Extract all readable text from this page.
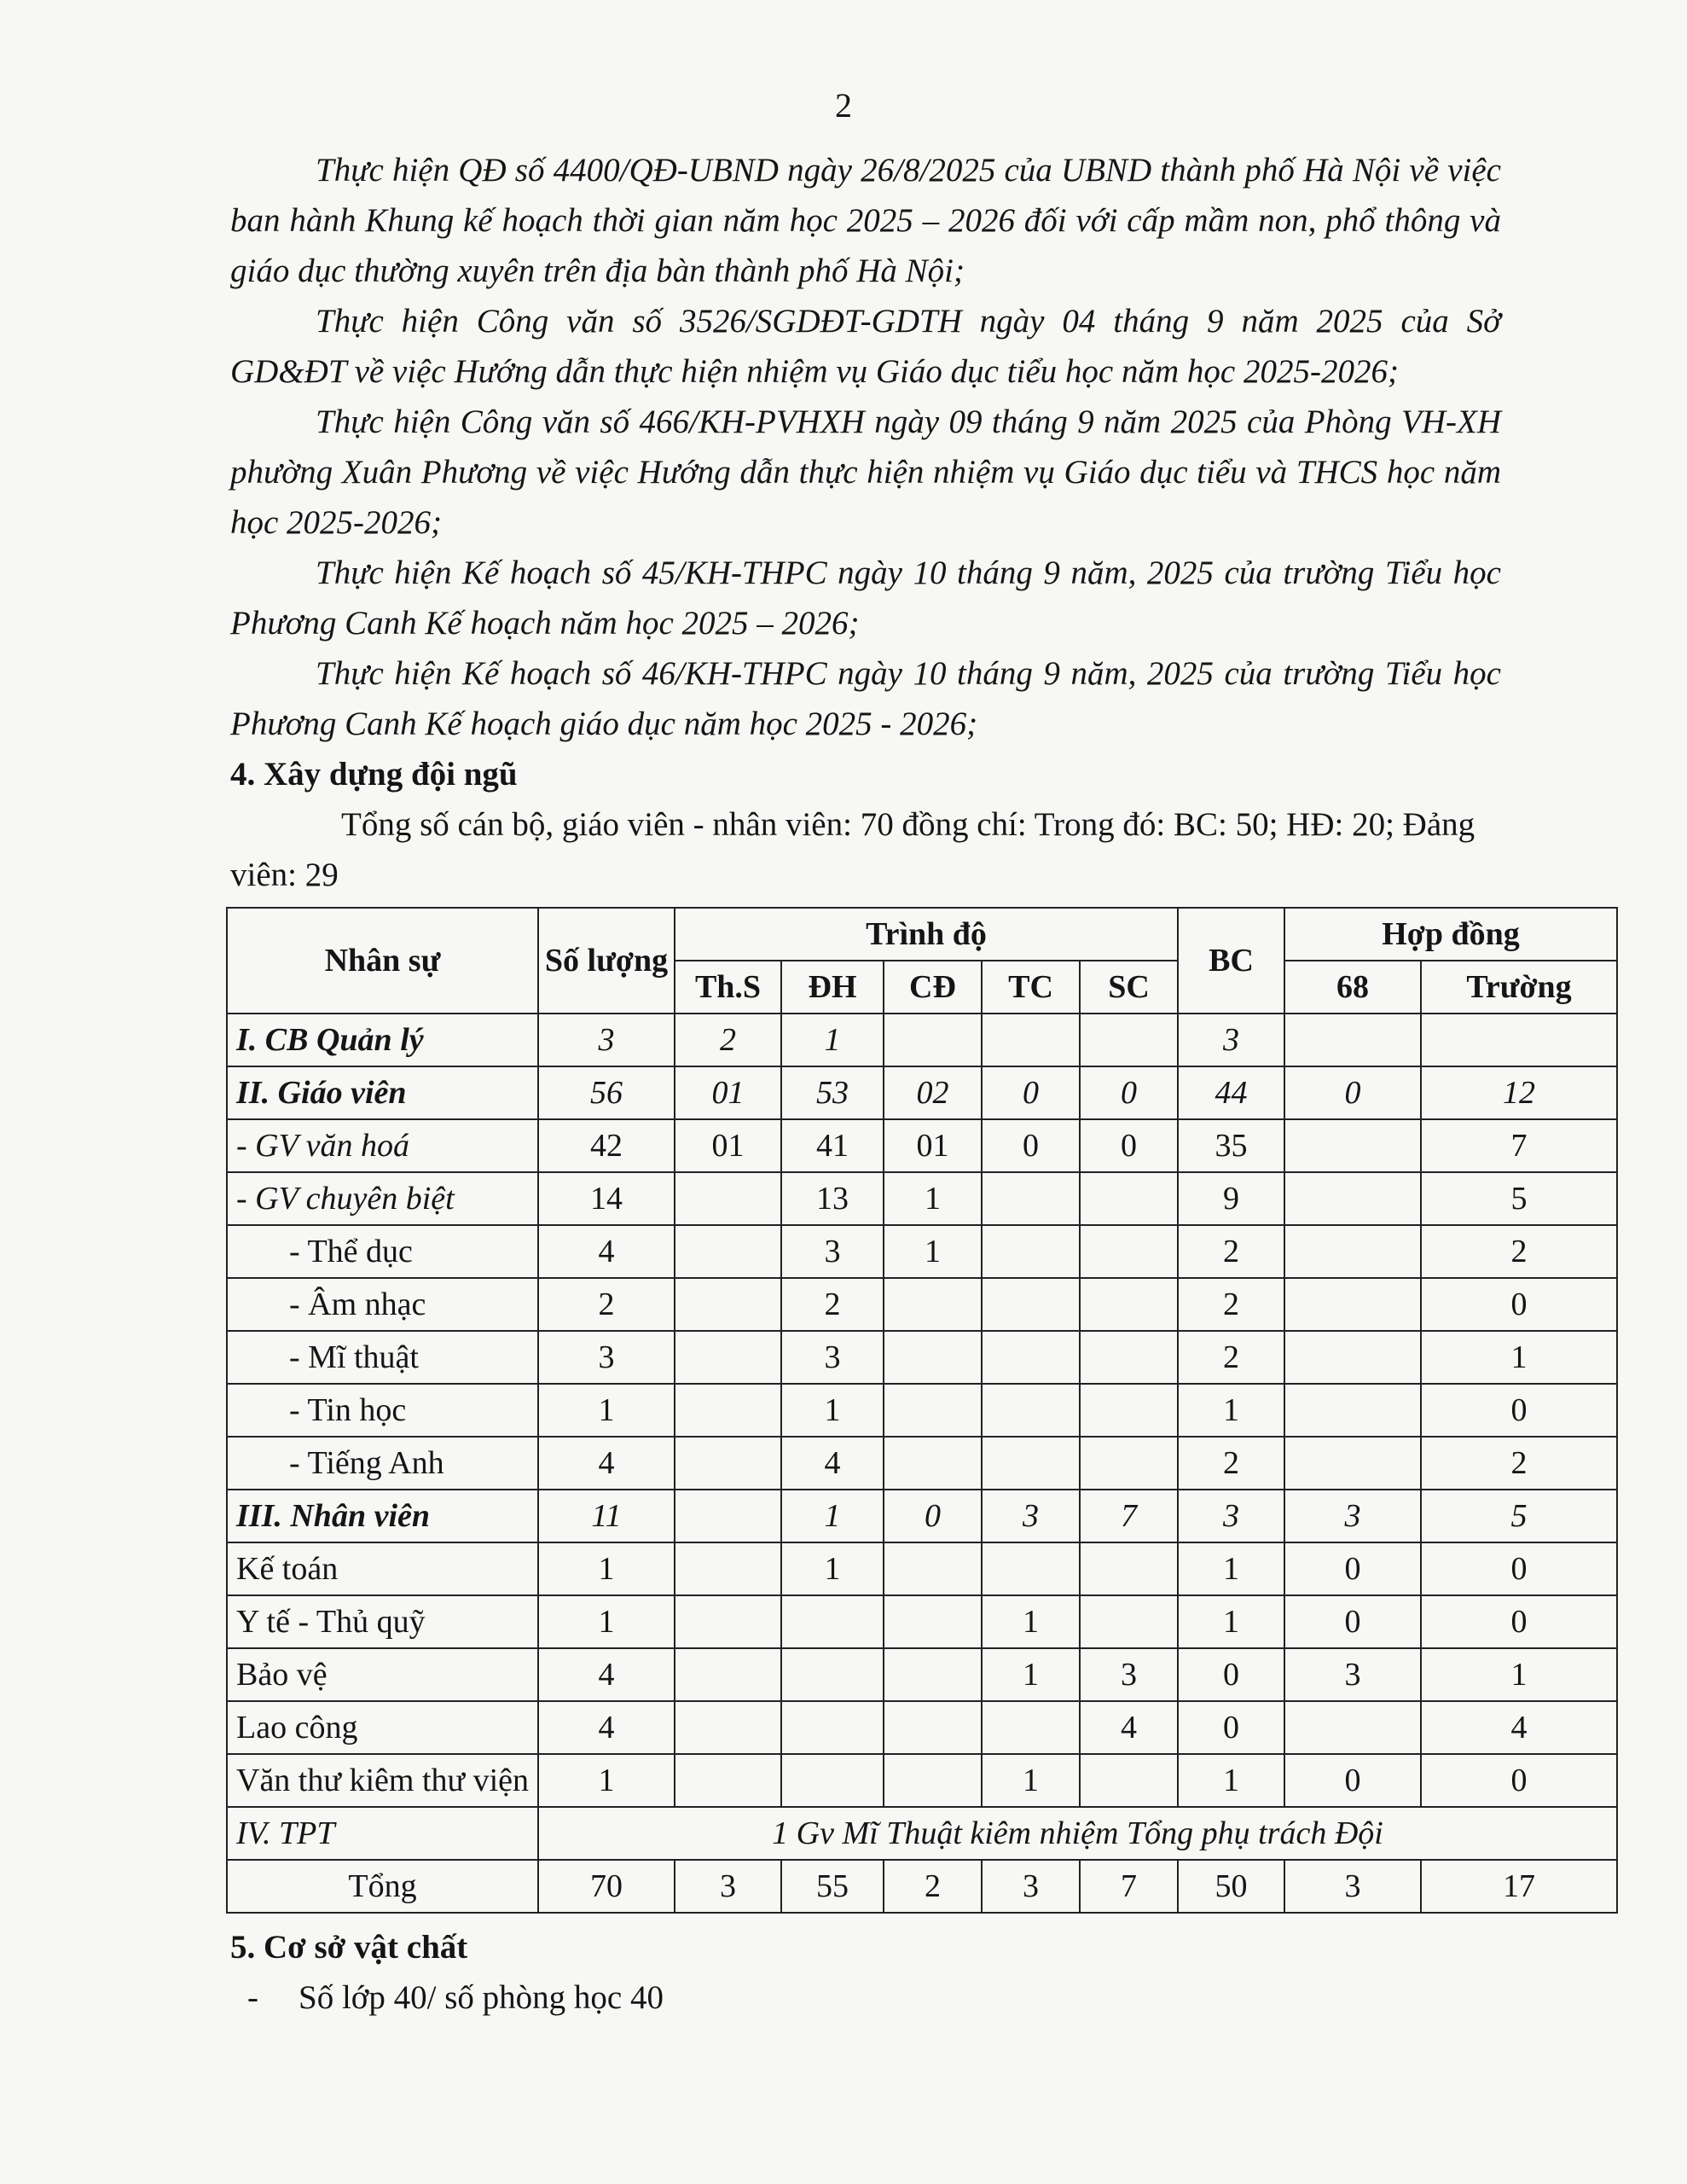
2

Thực hiện QĐ số 4400/QĐ-UBND ngày 26/8/2025 của UBND thành phố Hà Nội về việc ban hành Khung kế hoạch thời gian năm học 2025 – 2026 đối với cấp mầm non, phổ thông và giáo dục thường xuyên trên địa bàn thành phố Hà Nội;

Thực hiện Công văn số 3526/SGDĐT-GDTH ngày 04 tháng 9 năm 2025 của Sở GD&ĐT về việc Hướng dẫn thực hiện nhiệm vụ Giáo dục tiểu học năm học 2025-2026;

Thực hiện Công văn số 466/KH-PVHXH ngày 09 tháng 9 năm 2025 của Phòng VH-XH phường Xuân Phương về việc Hướng dẫn thực hiện nhiệm vụ Giáo dục tiểu và THCS học năm học 2025-2026;

Thực hiện Kế hoạch số 45/KH-THPC ngày 10 tháng 9 năm, 2025 của trường Tiểu học Phương Canh Kế hoạch năm học 2025 – 2026;

Thực hiện Kế hoạch số 46/KH-THPC ngày 10 tháng 9 năm, 2025 của trường Tiểu học Phương Canh Kế hoạch giáo dục năm học 2025 - 2026;

4. Xây dựng đội ngũ

Tổng số cán bộ, giáo viên - nhân viên: 70 đồng chí: Trong đó: BC: 50; HĐ: 20; Đảng viên: 29

Nhân sự	Số lượng	Trình độ					BC	Hợp đồng	
		Th.S	ĐH	CĐ	TC	SC		68	Trường
I. CB Quản lý	3	2	1				3		
II. Giáo viên	56	01	53	02	0	0	44	0	12
- GV văn hoá	42	01	41	01	0	0	35		7
- GV chuyên biệt	14		13	1			9		5
- Thể dục	4		3	1			2		2
- Âm nhạc	2		2				2		0
- Mĩ thuật	3		3				2		1
- Tin học	1		1				1		0
- Tiếng Anh	4		4				2		2
III. Nhân viên	11		1	0	3	7	3	3	5
Kế toán	1		1				1	0	0
Y tế - Thủ quỹ	1				1		1	0	0
Bảo vệ	4				1	3	0	3	1
Lao công	4					4	0		4
Văn thư kiêm thư viện	1				1		1	0	0
IV. TPT	1 Gv Mĩ Thuật kiêm nhiệm Tổng phụ trách Đội								
Tổng	70	3	55	2	3	7	50	3	17

5. Cơ sở vật chất

- Số lớp 40/ số phòng học 40
